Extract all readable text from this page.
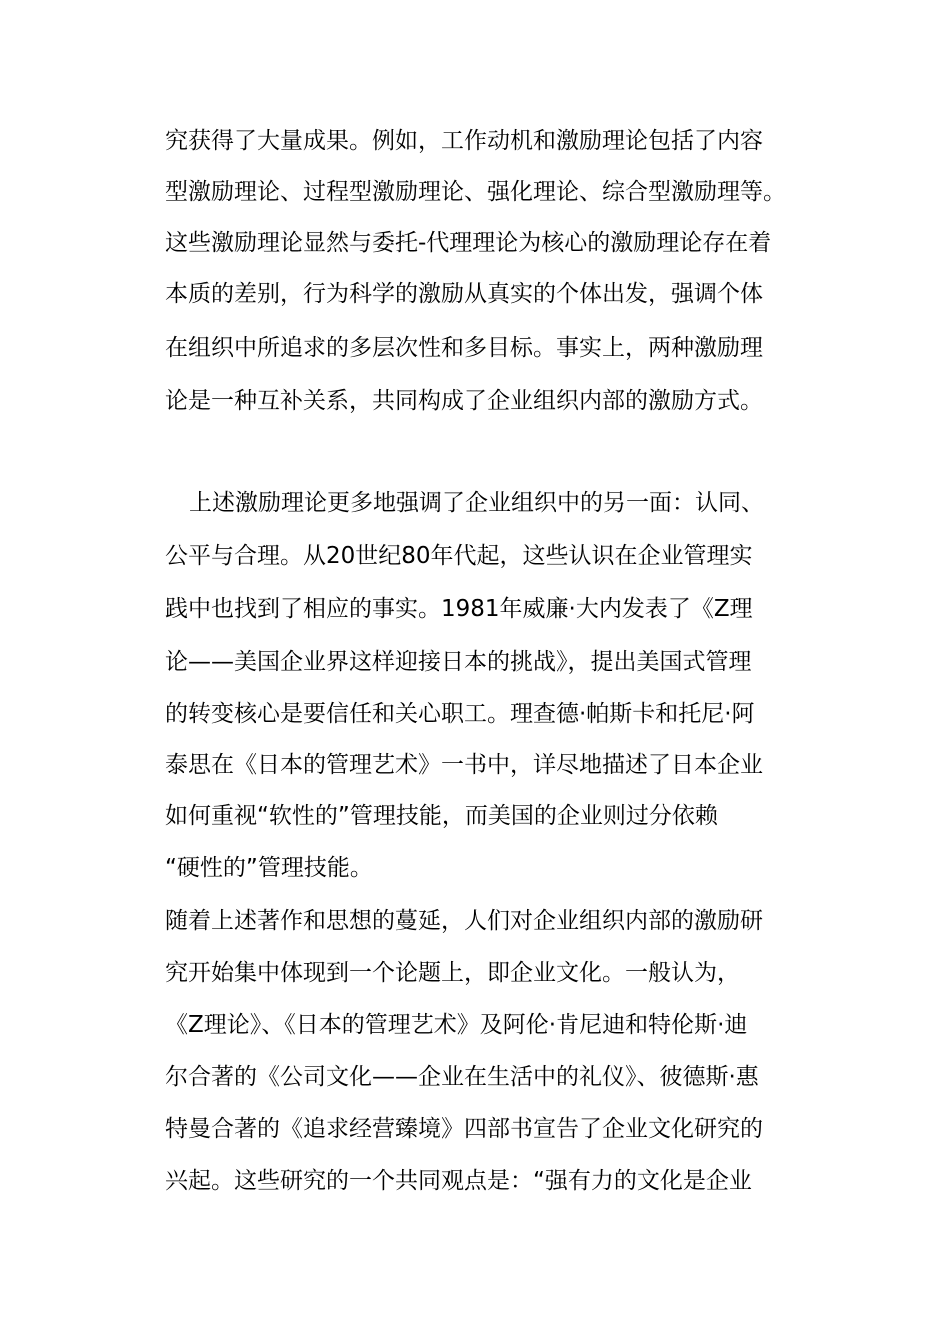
究获得了大量成果。例如，工作动机和激励理论包括了内容
型激励理论、过程型激励理论、强化理论、综合型激励理等。
这些激励理论显然与委托-代理理论为核心的激励理论存在着
本质的差别，行为科学的激励从真实的个体出发，强调个体
在组织中所追求的多层次性和多目标。事实上，两种激励理
论是一种互补关系，共同构成了企业组织内部的激励方式。
上述激励理论更多地强调了企业组织中的另一面：认同、
公平与合理。从20世纪80年代起，这些认识在企业管理实
践中也找到了相应的事实。1981年威廉·大内发表了《Z理
论——美国企业界这样迎接日本的挑战》，提出美国式管理
的转变核心是要信任和关心职工。理查德·帕斯卡和托尼·阿
泰思在《日本的管理艺术》一书中，详尽地描述了日本企业
如何重视“软性的”管理技能，而美国的企业则过分依赖
“硬性的”管理技能。
随着上述著作和思想的蔓延，人们对企业组织内部的激励研
究开始集中体现到一个论题上，即企业文化。一般认为，
《Z理论》、《日本的管理艺术》及阿伦·肯尼迪和特伦斯·迪
尔合著的《公司文化——企业在生活中的礼仪》、彼德斯·惠
特曼合著的《追求经营臻境》四部书宣告了企业文化研究的
兴起。这些研究的一个共同观点是：“强有力的文化是企业
